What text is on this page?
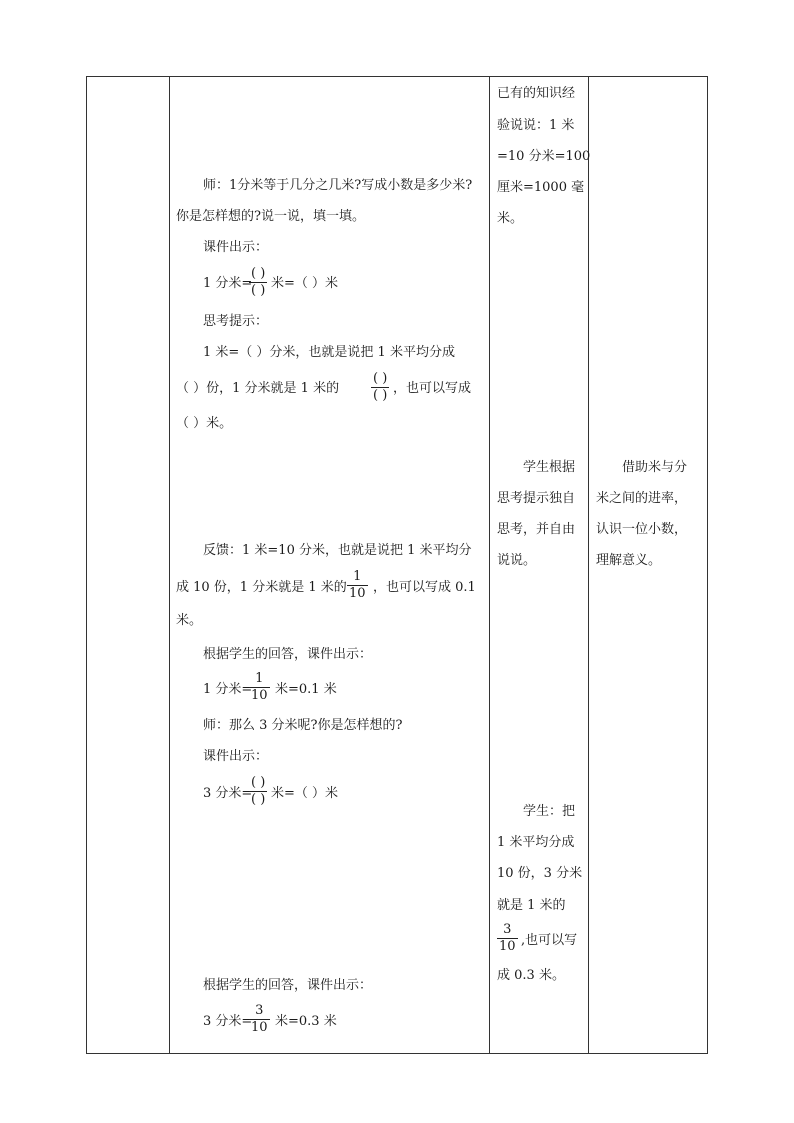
师：1分米等于几分之几米?写成小数是多少米?
你是怎样想的?说一说，填一填。
课件出示：
1 分米=
( )
( ) 米=（ ）米
思考提示：
1 米=（ ）分米，也就是说把 1 米平均分成
（ ）份，1 分米就是 1 米的
( )
( ) ，也可以写成
（ ）米。
反馈：1 米=10 分米，也就是说把 1 米平均分
成 10 份，1 分米就是 1 米的 $\frac{1}{10}$ ，也可以写成 0.1
米。
根据学生的回答，课件出示：
1 分米=
$\frac{1}{10}$ 米=0.1 米
师：那么 3 分米呢?你是怎样想的?
课件出示：
3 分米=
( )
( ) 米=（ ）米
根据学生的回答，课件出示：
3 分米=
$\frac{3}{10}$ 米=0.3 米
已有的知识经
验说说：1 米
=10 分米=100
厘米=1000 毫
米。
学生根据
思考提示独自
思考，并自由
说说。
学生：把
1 米平均分成
10 份，3 分米
就是 1 米的
$\frac{3}{10}$ ,也可以写
成 0.3 米。
借助米与分
米之间的进率，
认识一位小数，
理解意义。
